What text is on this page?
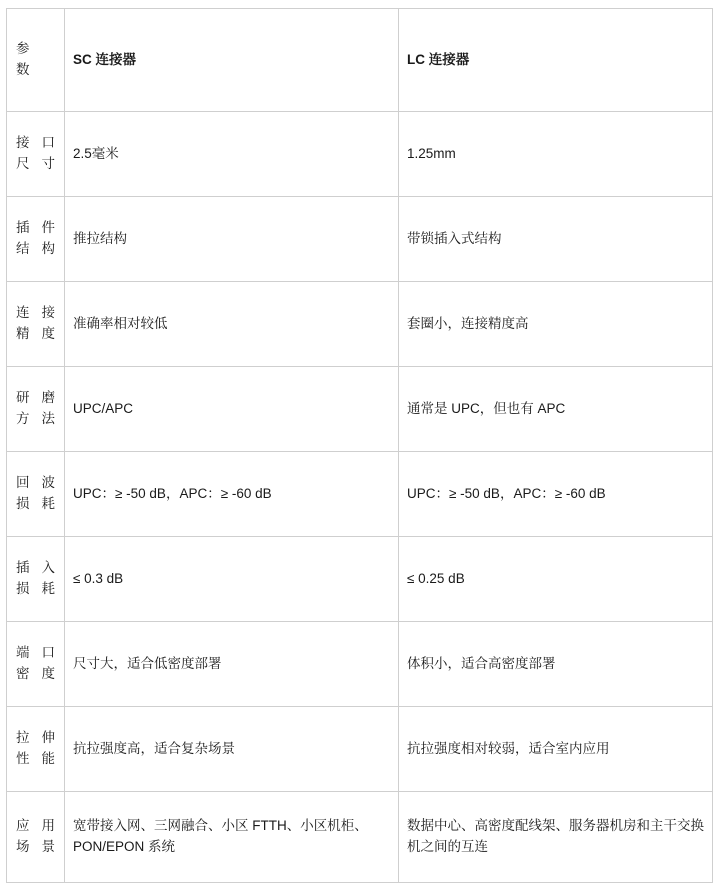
参
数	SC 连接器	LC 连接器

接 口
尺寸	2.5毫米	1.25mm

插 件
结构	推拉结构	带锁插入式结构

连 接
精度	准确率相对较低	套圈小，连接精度高

研 磨
方法	UPC/APC	通常是 UPC，但也有 APC

回 波
损耗	UPC：≥ -50 dB，APC：≥ -60 dB	UPC：≥ -50 dB，APC：≥ -60 dB

插 入
损耗	≤ 0.3 dB	≤ 0.25 dB

端 口
密度	尺寸大，适合低密度部署	体积小，适合高密度部署

拉 伸
性能	抗拉强度高，适合复杂场景	抗拉强度相对较弱，适合室内应用

应 用
场景	宽带接入网、三网融合、小区 FTTH、小区机柜、PON/EPON 系统	数据中心、高密度配线架、服务器机房和主干交换机之间的互连
